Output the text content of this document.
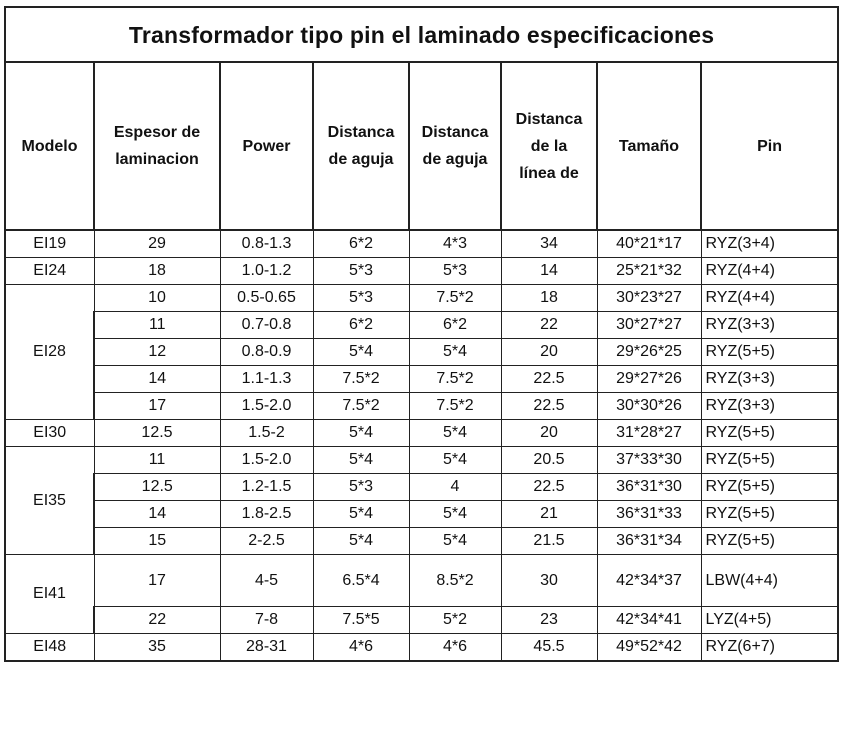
Transformador tipo pin el laminado especificaciones							
Modelo	Espesor de laminacion	Power	Distanca de aguja	Distanca de aguja	Distanca de la línea de	Tamaño	Pin
EI19	29	0.8-1.3	6*2	4*3	34	40*21*17	RYZ(3+4)
EI24	18	1.0-1.2	5*3	5*3	14	25*21*32	RYZ(4+4)
EI28	10	0.5-0.65	5*3	7.5*2	18	30*23*27	RYZ(4+4)
	11	0.7-0.8	6*2	6*2	22	30*27*27	RYZ(3+3)
	12	0.8-0.9	5*4	5*4	20	29*26*25	RYZ(5+5)
	14	1.1-1.3	7.5*2	7.5*2	22.5	29*27*26	RYZ(3+3)
	17	1.5-2.0	7.5*2	7.5*2	22.5	30*30*26	RYZ(3+3)
EI30	12.5	1.5-2	5*4	5*4	20	31*28*27	RYZ(5+5)
EI35	11	1.5-2.0	5*4	5*4	20.5	37*33*30	RYZ(5+5)
	12.5	1.2-1.5	5*3	4	22.5	36*31*30	RYZ(5+5)
	14	1.8-2.5	5*4	5*4	21	36*31*33	RYZ(5+5)
	15	2-2.5	5*4	5*4	21.5	36*31*34	RYZ(5+5)
EI41	17	4-5	6.5*4	8.5*2	30	42*34*37	LBW(4+4)
	22	7-8	7.5*5	5*2	23	42*34*41	LYZ(4+5)
EI48	35	28-31	4*6	4*6	45.5	49*52*42	RYZ(6+7)
